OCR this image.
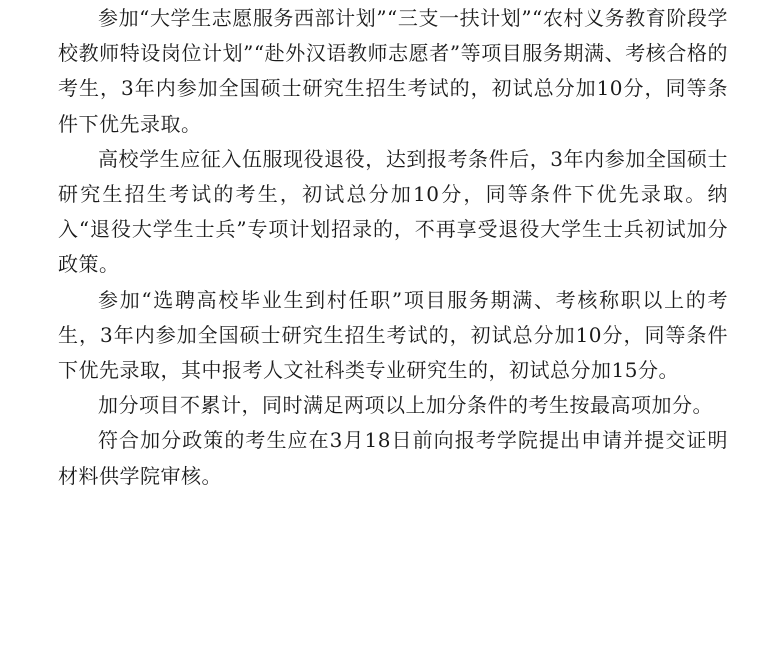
参加“大学生志愿服务西部计划”“三支一扶计划”“农村义务教育阶段学校教师特设岗位计划”“赴外汉语教师志愿者”等项目服务期满、考核合格的考生，3年内参加全国硕士研究生招生考试的，初试总分加10分，同等条件下优先录取。

高校学生应征入伍服现役退役，达到报考条件后，3年内参加全国硕士研究生招生考试的考生，初试总分加10分，同等条件下优先录取。纳入“退役大学生士兵”专项计划招录的，不再享受退役大学生士兵初试加分政策。

参加“选聘高校毕业生到村任职”项目服务期满、考核称职以上的考生，3年内参加全国硕士研究生招生考试的，初试总分加10分，同等条件下优先录取，其中报考人文社科类专业研究生的，初试总分加15分。

加分项目不累计，同时满足两项以上加分条件的考生按最高项加分。

符合加分政策的考生应在3月18日前向报考学院提出申请并提交证明材料供学院审核。
